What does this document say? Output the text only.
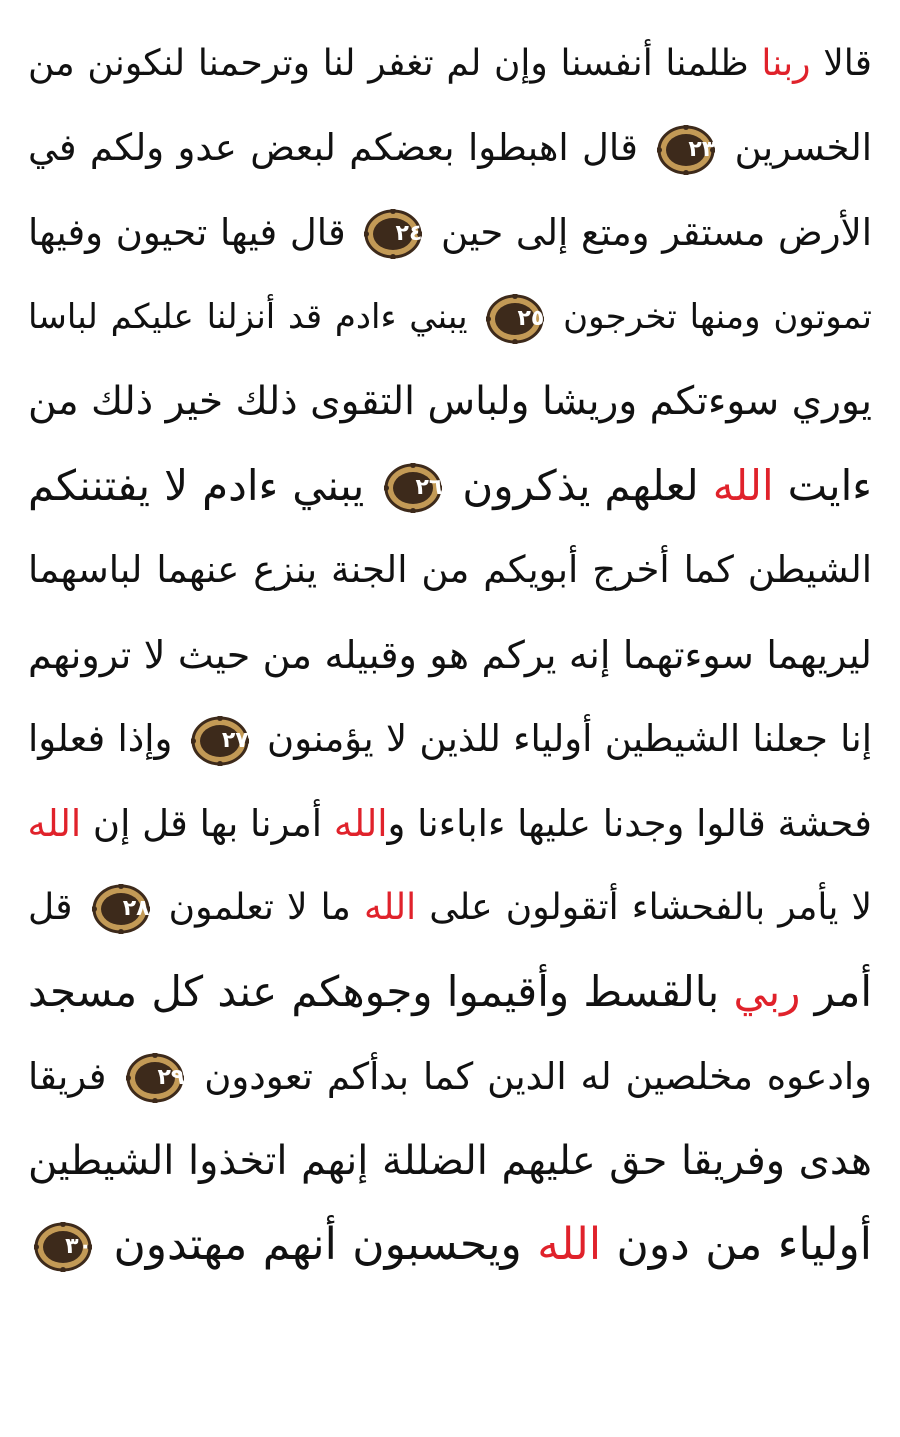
قالا ربنا ظلمنا أنفسنا وإن لم تغفر لنا وترحمنا لنكونن من
الخسرين
٢٣
قال اهبطوا بعضكم لبعض عدو ولكم في
الأرض مستقر ومتع إلى حين
٢٤
قال فيها تحيون وفيها
تموتون ومنها تخرجون
٢٥
يبني ءادم قد أنزلنا عليكم لباسا
يوري سوءتكم وريشا ولباس التقوى ذلك خير ذلك من
ءايت الله لعلهم يذكرون
٢٦
يبني ءادم لا يفتننكم
الشيطن كما أخرج أبويكم من الجنة ينزع عنهما لباسهما
ليريهما سوءتهما إنه يركم هو وقبيله من حيث لا ترونهم
إنا جعلنا الشيطين أولياء للذين لا يؤمنون
٢٧
وإذا فعلوا
فحشة قالوا وجدنا عليها ءاباءنا والله أمرنا بها قل إن الله
لا يأمر بالفحشاء أتقولون على الله ما لا تعلمون
٢٨
قل
أمر ربي بالقسط وأقيموا وجوهكم عند كل مسجد
وادعوه مخلصين له الدين كما بدأكم تعودون
٢٩
فريقا
هدى وفريقا حق عليهم الضللة إنهم اتخذوا الشيطين
أولياء من دون الله ويحسبون أنهم مهتدون
٣٠
